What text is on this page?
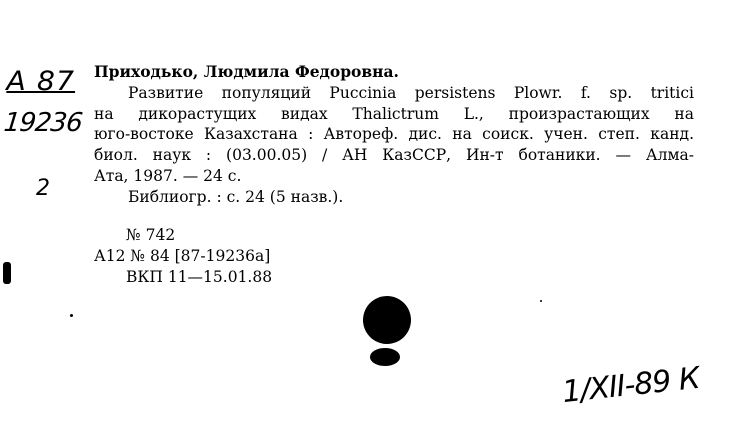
А 87
19236
2
Приходько, Людмила Федоровна.
Развитие популяций Puccinia persistens Plowr. f. sp. tritici
на дикорастущих видах Thalictrum L., произрастающих на
юго-востоке Казахстана : Автореф. дис. на соиск. учен. степ. канд.
биол. наук : (03.00.05) / АН КазССР, Ин-т ботаники. — Алма-
Ата, 1987. — 24 с.
Библиогр. : с. 24 (5 назв.).
№ 742
А12 № 84 [87-19236а]
ВКП 11—15.01.88
1/XII-89 К
